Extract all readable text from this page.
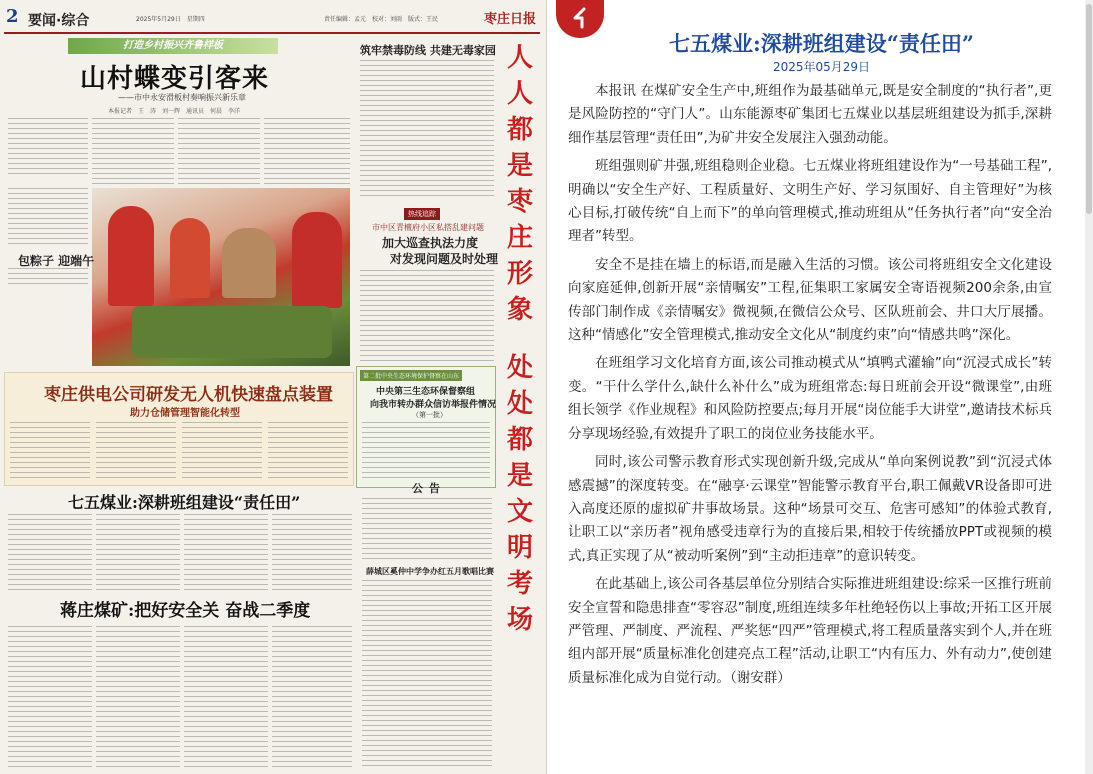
2 要闻·综合	2025年5月29日　星期四	责任编辑：孟元　校对：刘雨　版式：王民	枣庄日报
打造乡村振兴齐鲁样板
山村蝶变引客来
——市中永安滑板村奏响振兴新乐章
本报记者　王　涛　刘一辉　通讯员　何晨　李洋
包粽子 迎端午
枣庄供电公司研发无人机快速盘点装置
助力仓储管理智能化转型
七五煤业:深耕班组建设“责任田”
蒋庄煤矿:把好安全关 奋战二季度
筑牢禁毒防线 共建无毒家园
热线追踪
市中区青檀府小区私搭乱建问题
加大巡查执法力度
对发现问题及时处理
第二批中央生态环境保护督察在山东
中央第三生态环保督察组
向我市转办群众信访举报件情况
（第一批）
公告
薛城区奚仲中学争办红五月歌唱比赛
人
人
都
是
枣
庄
形
象
处
处
都
是
文
明
考
场
七五煤业:深耕班组建设“责任田”
2025年05月29日

本报讯 在煤矿安全生产中,班组作为最基础单元,既是安全制度的“执行者”,更是风险防控的“守门人”。山东能源枣矿集团七五煤业以基层班组建设为抓手,深耕细作基层管理“责任田”,为矿井安全发展注入强劲动能。

班组强则矿井强,班组稳则企业稳。七五煤业将班组建设作为“一号基础工程”,明确以“安全生产好、工程质量好、文明生产好、学习氛围好、自主管理好”为核心目标,打破传统“自上而下”的单向管理模式,推动班组从“任务执行者”向“安全治理者”转型。

安全不是挂在墙上的标语,而是融入生活的习惯。该公司将班组安全文化建设向家庭延伸,创新开展“亲情嘱安”工程,征集职工家属安全寄语视频200余条,由宣传部门制作成《亲情嘱安》微视频,在微信公众号、区队班前会、井口大厅展播。这种“情感化”安全管理模式,推动安全文化从“制度约束”向“情感共鸣”深化。

在班组学习文化培育方面,该公司推动模式从“填鸭式灌输”向“沉浸式成长”转变。“干什么学什么,缺什么补什么”成为班组常态:每日班前会开设“微课堂”,由班组长领学《作业规程》和风险防控要点;每月开展“岗位能手大讲堂”,邀请技术标兵分享现场经验,有效提升了职工的岗位业务技能水平。

同时,该公司警示教育形式实现创新升级,完成从“单向案例说教”到“沉浸式体感震撼”的深度转变。在“融享·云课堂”智能警示教育平台,职工佩戴VR设备即可进入高度还原的虚拟矿井事故场景。这种“场景可交互、危害可感知”的体验式教育,让职工以“亲历者”视角感受违章行为的直接后果,相较于传统播放PPT或视频的模式,真正实现了从“被动听案例”到“主动拒违章”的意识转变。

在此基础上,该公司各基层单位分别结合实际推进班组建设:综采一区推行班前安全宣誓和隐患排查“零容忍”制度,班组连续多年杜绝轻伤以上事故;开拓工区开展严管理、严制度、严流程、严奖惩“四严”管理模式,将工程质量落实到个人,并在班组内部开展“质量标准化创建亮点工程”活动,让职工“内有压力、外有动力”,使创建质量标准化成为自觉行动。（谢安群）
